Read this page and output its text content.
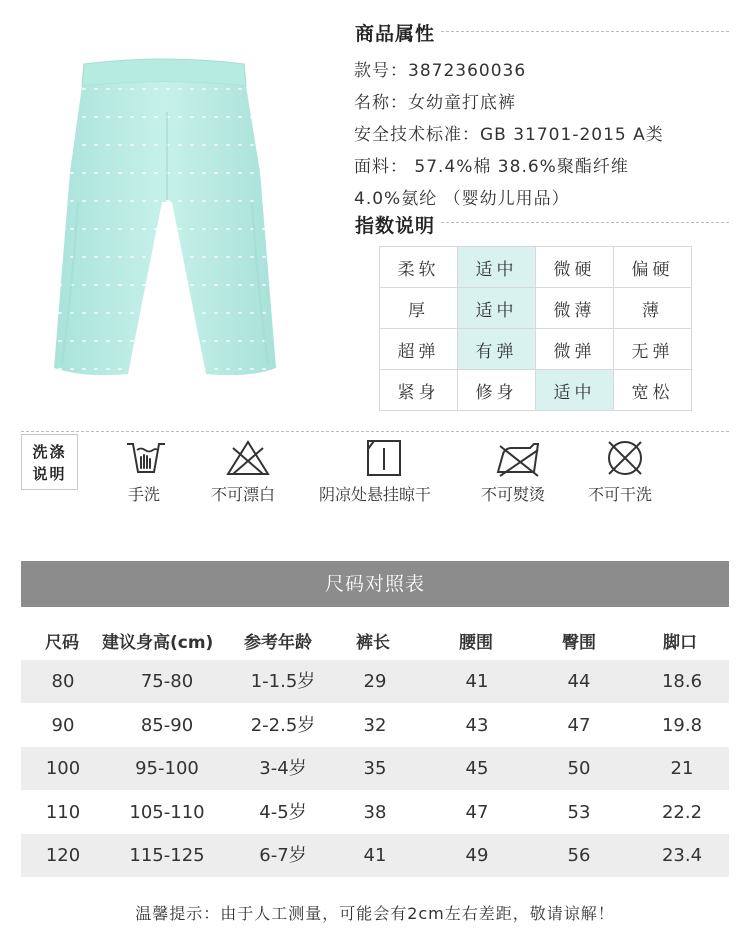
商品属性
款号：3872360036
名称：女幼童打底裤
安全技术标准：GB 31701-2015 A类
面料： 57.4%棉 38.6%聚酯纤维
4.0%氨纶 （婴幼儿用品）
指数说明
柔软	适中	微硬	偏硬
厚	适中	微薄	薄
超弹	有弹	微弹	无弹
紧身	修身	适中	宽松
洗涤
说明
手洗	不可漂白	阴凉处悬挂晾干	不可熨烫	不可干洗
尺码对照表
尺码 建议身高(cm) 参考年龄	裤长	腰围	臀围	脚口
80	75-80	1-1.5岁	29	41	44	18.6
90	85-90	2-2.5岁	32	43	47	19.8
100	95-100	3-4岁	35	45	50	21
110	105-110	4-5岁	38	47	53	22.2
120	115-125	6-7岁	41	49	56	23.4
温馨提示：由于人工测量，可能会有2cm左右差距，敬请谅解！
